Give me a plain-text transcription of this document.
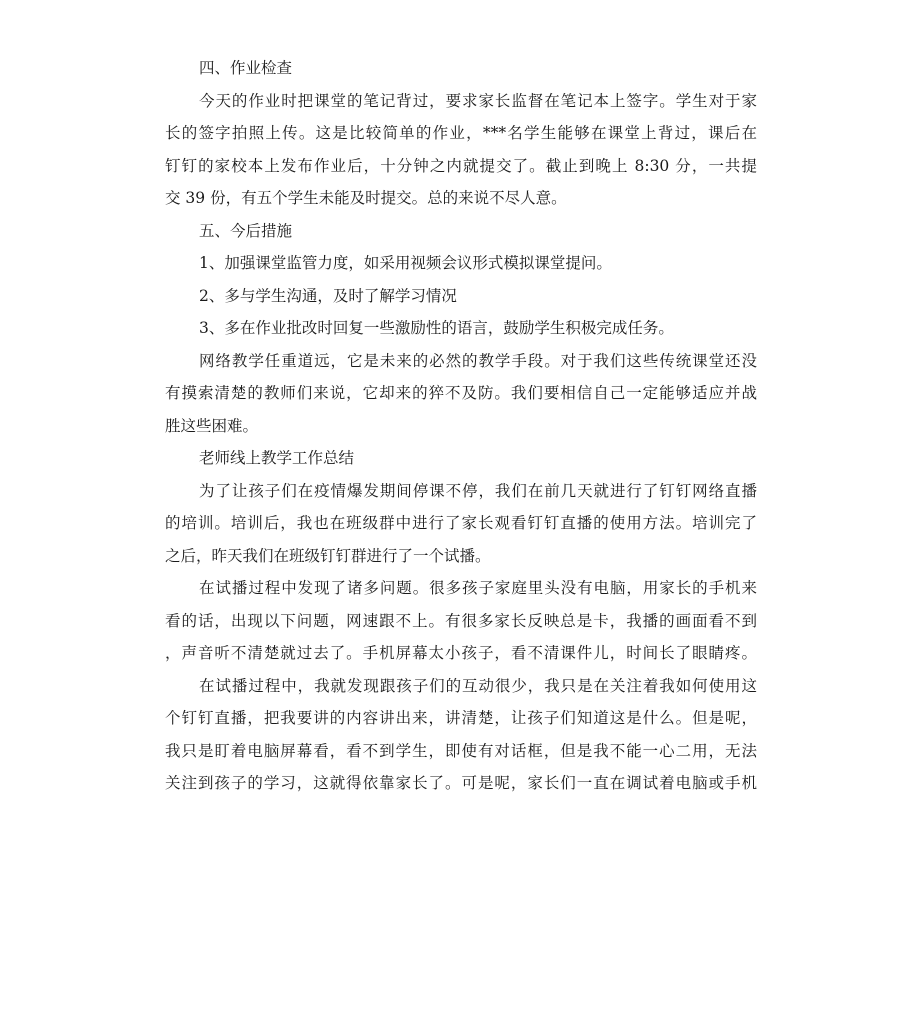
四、作业检查
今天的作业时把课堂的笔记背过，要求家长监督在笔记本上签字。学生对于家
长的签字拍照上传。这是比较简单的作业，***名学生能够在课堂上背过，课后在
钉钉的家校本上发布作业后，十分钟之内就提交了。截止到晚上 8:30 分，一共提
交 39 份，有五个学生未能及时提交。总的来说不尽人意。
五、今后措施
1、加强课堂监管力度，如采用视频会议形式模拟课堂提问。
2、多与学生沟通，及时了解学习情况
3、多在作业批改时回复一些激励性的语言，鼓励学生积极完成任务。
网络教学任重道远，它是未来的必然的教学手段。对于我们这些传统课堂还没
有摸索清楚的教师们来说，它却来的猝不及防。我们要相信自己一定能够适应并战
胜这些困难。
老师线上教学工作总结
为了让孩子们在疫情爆发期间停课不停，我们在前几天就进行了钉钉网络直播
的培训。培训后，我也在班级群中进行了家长观看钉钉直播的使用方法。培训完了
之后，昨天我们在班级钉钉群进行了一个试播。
在试播过程中发现了诸多问题。很多孩子家庭里头没有电脑，用家长的手机来
看的话，出现以下问题，网速跟不上。有很多家长反映总是卡，我播的画面看不到
，声音听不清楚就过去了。手机屏幕太小孩子，看不清课件儿，时间长了眼睛疼。
在试播过程中，我就发现跟孩子们的互动很少，我只是在关注着我如何使用这
个钉钉直播，把我要讲的内容讲出来，讲清楚，让孩子们知道这是什么。但是呢，
我只是盯着电脑屏幕看，看不到学生，即使有对话框，但是我不能一心二用，无法
关注到孩子的学习，这就得依靠家长了。可是呢，家长们一直在调试着电脑或手机
